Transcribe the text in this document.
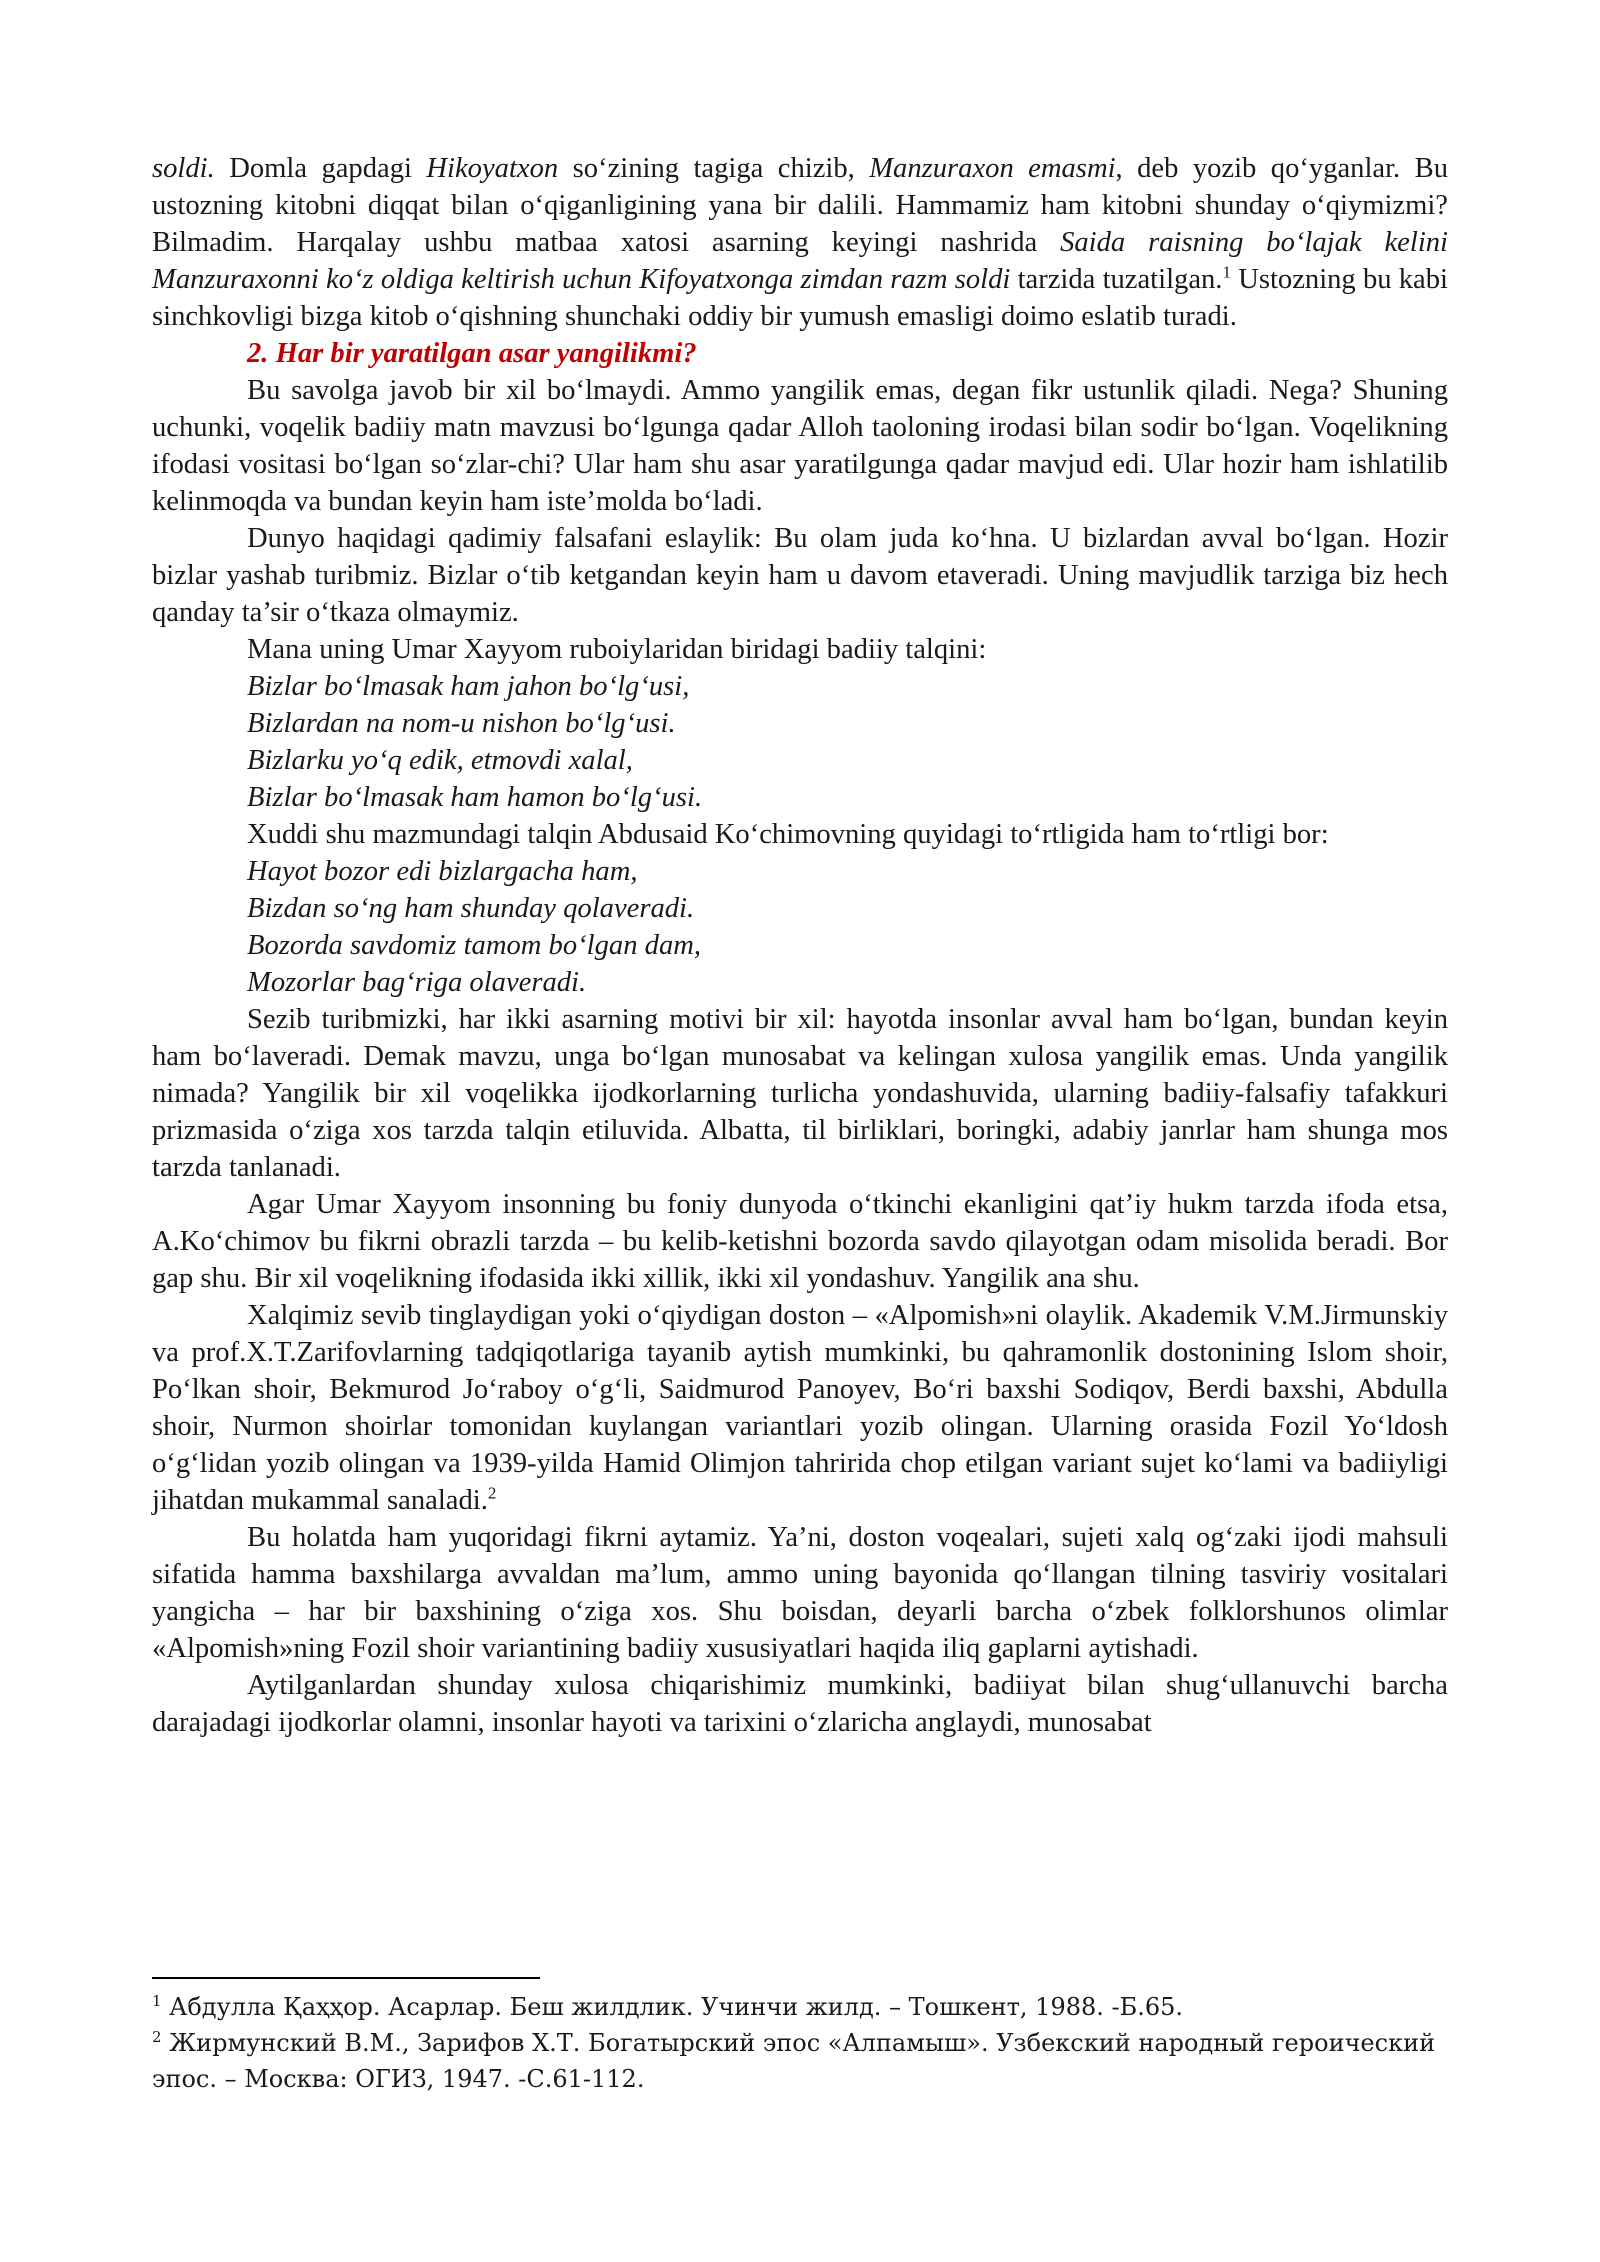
soldi. Domla gapdagi Hikoyatxon so‘zining tagiga chizib, Manzuraxon emasmi, deb yozib qo‘yganlar. Bu ustozning kitobni diqqat bilan o‘qiganligining yana bir dalili. Hammamiz ham kitobni shunday o‘qiymizmi? Bilmadim. Harqalay ushbu matbaa xatosi asarning keyingi nashrida Saida raisning bo‘lajak kelini Manzuraxonni ko‘z oldiga keltirish uchun Kifoyatxonga zimdan razm soldi tarzida tuzatilgan.$^1$ Ustozning bu kabi sinchkovligi bizga kitob o‘qishning shunchaki oddiy bir yumush emasligi doimo eslatib turadi.

2. Har bir yaratilgan asar yangilikmi?

Bu savolga javob bir xil bo‘lmaydi. Ammo yangilik emas, degan fikr ustunlik qiladi. Nega? Shuning uchunki, voqelik badiiy matn mavzusi bo‘lgunga qadar Alloh taoloning irodasi bilan sodir bo‘lgan. Voqelikning ifodasi vositasi bo‘lgan so‘zlar-chi? Ular ham shu asar yaratilgunga qadar mavjud edi. Ular hozir ham ishlatilib kelinmoqda va bundan keyin ham iste’molda bo‘ladi.

Dunyo haqidagi qadimiy falsafani eslaylik: Bu olam juda ko‘hna. U bizlardan avval bo‘lgan. Hozir bizlar yashab turibmiz. Bizlar o‘tib ketgandan keyin ham u davom etaveradi. Uning mavjudlik tarziga biz hech qanday ta’sir o‘tkaza olmaymiz.

Mana uning Umar Xayyom ruboiylaridan biridagi badiiy talqini:

Bizlar bo‘lmasak ham jahon bo‘lg‘usi,
Bizlardan na nom-u nishon bo‘lg‘usi.
Bizlarku yo‘q edik, etmovdi xalal,
Bizlar bo‘lmasak ham hamon bo‘lg‘usi.

Xuddi shu mazmundagi talqin Abdusaid Ko‘chimovning quyidagi to‘rtligida ham to‘rtligi bor:

Hayot bozor edi bizlargacha ham,
Bizdan so‘ng ham shunday qolaveradi.
Bozorda savdomiz tamom bo‘lgan dam,
Mozorlar bag‘riga olaveradi.

Sezib turibmizki, har ikki asarning motivi bir xil: hayotda insonlar avval ham bo‘lgan, bundan keyin ham bo‘laveradi. Demak mavzu, unga bo‘lgan munosabat va kelingan xulosa yangilik emas. Unda yangilik nimada? Yangilik bir xil voqelikka ijodkorlarning turlicha yondashuvida, ularning badiiy-falsafiy tafakkuri prizmasida o‘ziga xos tarzda talqin etiluvida. Albatta, til birliklari, boringki, adabiy janrlar ham shunga mos tarzda tanlanadi.

Agar Umar Xayyom insonning bu foniy dunyoda o‘tkinchi ekanligini qat’iy hukm tarzda ifoda etsa, A.Ko‘chimov bu fikrni obrazli tarzda – bu kelib-ketishni bozorda savdo qilayotgan odam misolida beradi. Bor gap shu. Bir xil voqelikning ifodasida ikki xillik, ikki xil yondashuv. Yangilik ana shu.

Xalqimiz sevib tinglaydigan yoki o‘qiydigan doston – «Alpomish»ni olaylik. Akademik V.M.Jirmunskiy va prof.X.T.Zarifovlarning tadqiqotlariga tayanib aytish mumkinki, bu qahramonlik dostonining Islom shoir, Po‘lkan shoir, Bekmurod Jo‘raboy o‘g‘li, Saidmurod Panoyev, Bo‘ri baxshi Sodiqov, Berdi baxshi, Abdulla shoir, Nurmon shoirlar tomonidan kuylangan variantlari yozib olingan. Ularning orasida Fozil Yo‘ldosh o‘g‘lidan yozib olingan va 1939-yilda Hamid Olimjon tahririda chop etilgan variant sujet ko‘lami va badiiyligi jihatdan mukammal sanaladi.$^2$

Bu holatda ham yuqoridagi fikrni aytamiz. Ya’ni, doston voqealari, sujeti xalq og‘zaki ijodi mahsuli sifatida hamma baxshilarga avvaldan ma’lum, ammo uning bayonida qo‘llangan tilning tasviriy vositalari yangicha – har bir baxshining o‘ziga xos. Shu boisdan, deyarli barcha o‘zbek folklorshunos olimlar «Alpomish»ning Fozil shoir variantining badiiy xususiyatlari haqida iliq gaplarni aytishadi.

Aytilganlardan shunday xulosa chiqarishimiz mumkinki, badiiyat bilan shug‘ullanuvchi barcha darajadagi ijodkorlar olamni, insonlar hayoti va tarixini o‘zlaricha anglaydi, munosabat

$^1$ Абдулла Қаҳҳор. Асарлар. Беш жилдлик. Учинчи жилд. – Тошкент, 1988. -Б.65.

$^2$ Жирмунский В.М., Зарифов Х.Т. Богатырский эпос «Алпамыш». Узбекский народный героический эпос. – Москва: ОГИЗ, 1947. -С.61-112.
